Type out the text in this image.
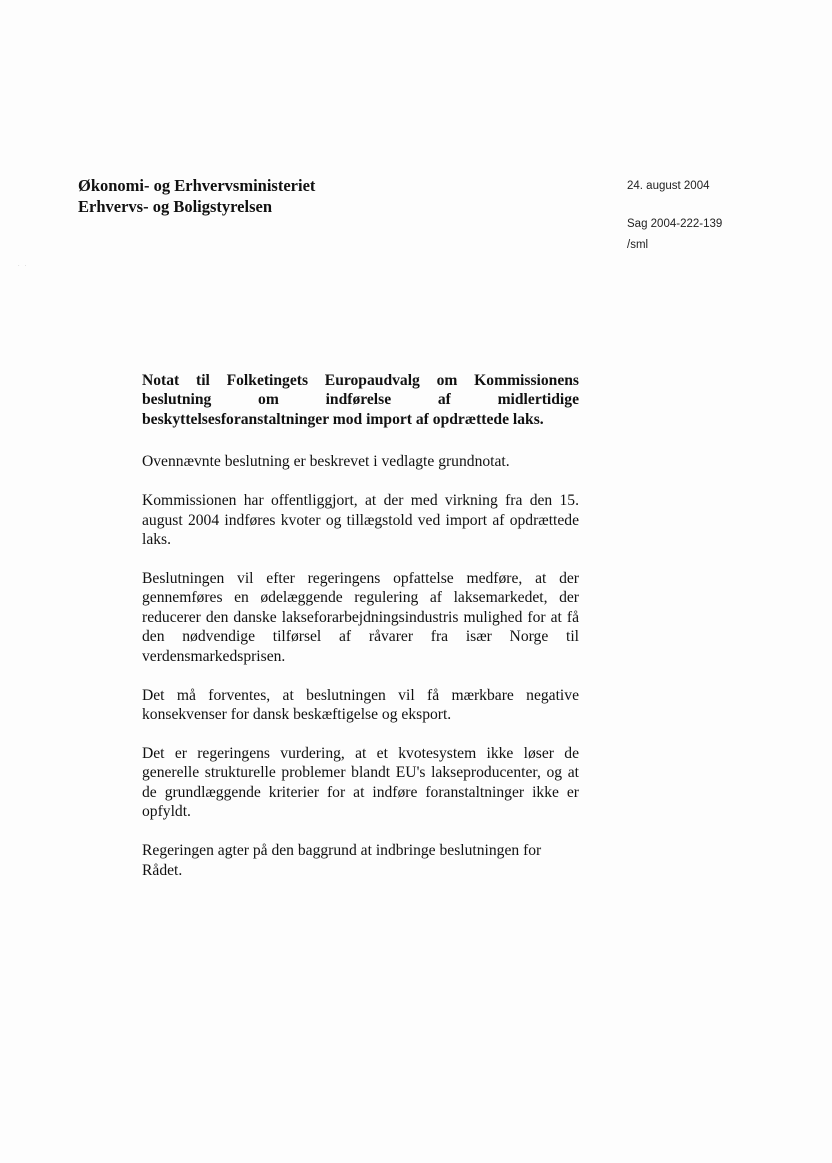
Økonomi- og Erhvervsministeriet
Erhvervs- og Boligstyrelsen
24. august 2004
Sag 2004-222-139
/sml
· ·
Notat til Folketingets Europaudvalg om Kommissionens beslutning om indførelse af midlertidige beskyttelsesforanstaltninger mod import af opdrættede laks.

Ovennævnte beslutning er beskrevet i vedlagte grundnotat.

Kommissionen har offentliggjort, at der med virkning fra den 15. august 2004 indføres kvoter og tillægstold ved import af opdrættede laks.

Beslutningen vil efter regeringens opfattelse medføre, at der gennemføres en ødelæggende regulering af laksemarkedet, der reducerer den danske lakseforarbejdningsindustris mulighed for at få den nødvendige tilførsel af råvarer fra især Norge til verdensmarkedsprisen.

Det må forventes, at beslutningen vil få mærkbare negative konsekvenser for dansk beskæftigelse og eksport.

Det er regeringens vurdering, at et kvotesystem ikke løser de generelle strukturelle problemer blandt EU's lakseproducenter, og at de grundlæggende kriterier for at indføre foranstaltninger ikke er opfyldt.

Regeringen agter på den baggrund at indbringe beslutningen for Rådet.
